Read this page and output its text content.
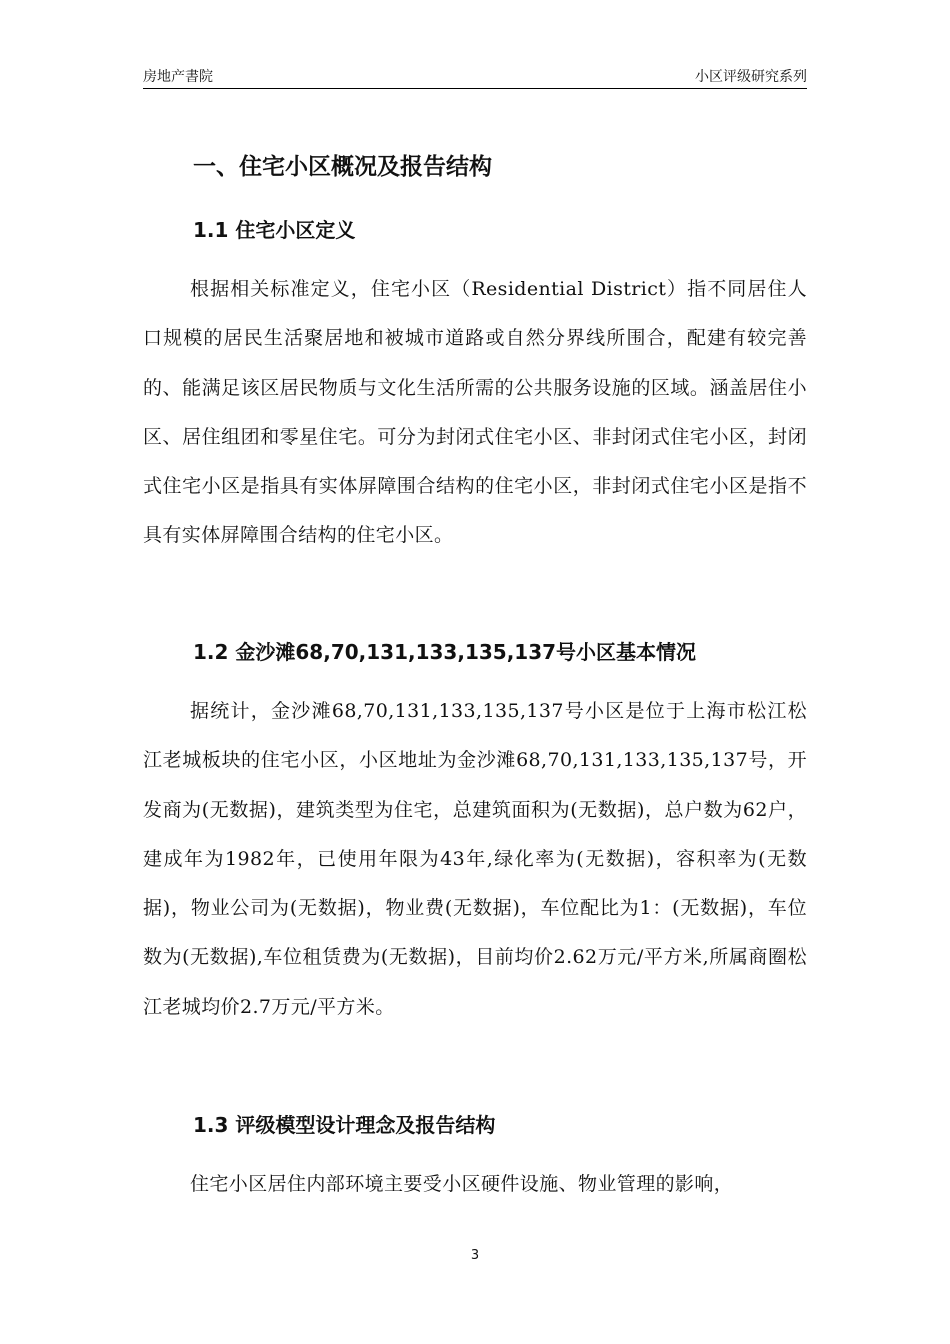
房地产書院	小区评级研究系列
一、住宅小区概况及报告结构
1.1 住宅小区定义

根据相关标准定义，住宅小区（Residential District）指不同居住人口规模的居民生活聚居地和被城市道路或自然分界线所围合，配建有较完善的、能满足该区居民物质与文化生活所需的公共服务设施的区域。涵盖居住小区、居住组团和零星住宅。可分为封闭式住宅小区、非封闭式住宅小区，封闭式住宅小区是指具有实体屏障围合结构的住宅小区，非封闭式住宅小区是指不具有实体屏障围合结构的住宅小区。

1.2 金沙滩68,70,131,133,135,137号小区基本情况

据统计，金沙滩68,70,131,133,135,137号小区是位于上海市松江松江老城板块的住宅小区，小区地址为金沙滩68,70,131,133,135,137号，开发商为(无数据)，建筑类型为住宅，总建筑面积为(无数据)，总户数为62户，建成年为1982年，已使用年限为43年,绿化率为(无数据)，容积率为(无数据)，物业公司为(无数据)，物业费(无数据)，车位配比为1：(无数据)，车位数为(无数据),车位租赁费为(无数据)，目前均价2.62万元/平方米,所属商圈松江老城均价2.7万元/平方米。

1.3 评级模型设计理念及报告结构

住宅小区居住内部环境主要受小区硬件设施、物业管理的影响，

3
